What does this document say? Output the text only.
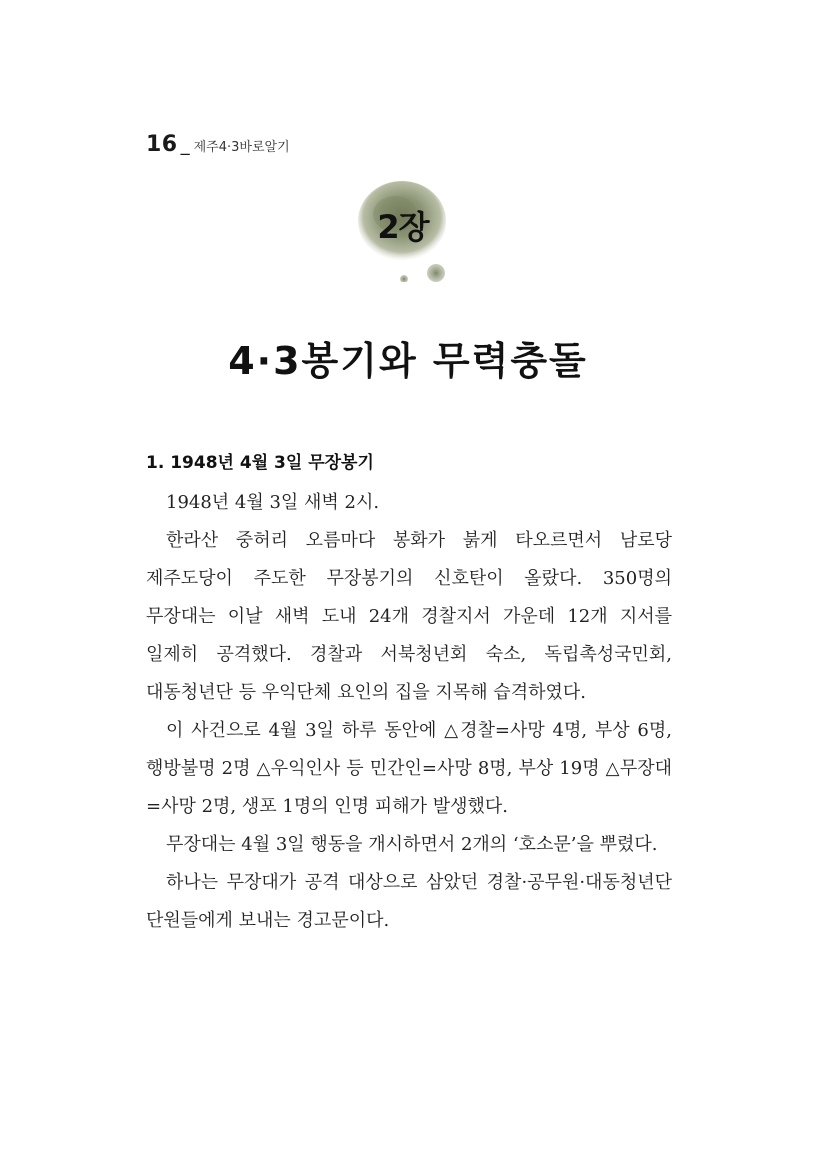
16 _ 제주4·3바로알기
2장
4·3봉기와 무력충돌
1. 1948년 4월 3일 무장봉기

1948년 4월 3일 새벽 2시.

한라산 중허리 오름마다 봉화가 붉게 타오르면서 남로당 제주도당이 주도한 무장봉기의 신호탄이 올랐다. 350명의 무장대는 이날 새벽 도내 24개 경찰지서 가운데 12개 지서를 일제히 공격했다. 경찰과 서북청년회 숙소, 독립촉성국민회, 대동청년단 등 우익단체 요인의 집을 지목해 습격하였다.

이 사건으로 4월 3일 하루 동안에 △경찰=사망 4명, 부상 6명, 행방불명 2명 △우익인사 등 민간인=사망 8명, 부상 19명 △무장대=사망 2명, 생포 1명의 인명 피해가 발생했다.

무장대는 4월 3일 행동을 개시하면서 2개의 ‘호소문’을 뿌렸다.

하나는 무장대가 공격 대상으로 삼았던 경찰·공무원·대동청년단 단원들에게 보내는 경고문이다.
